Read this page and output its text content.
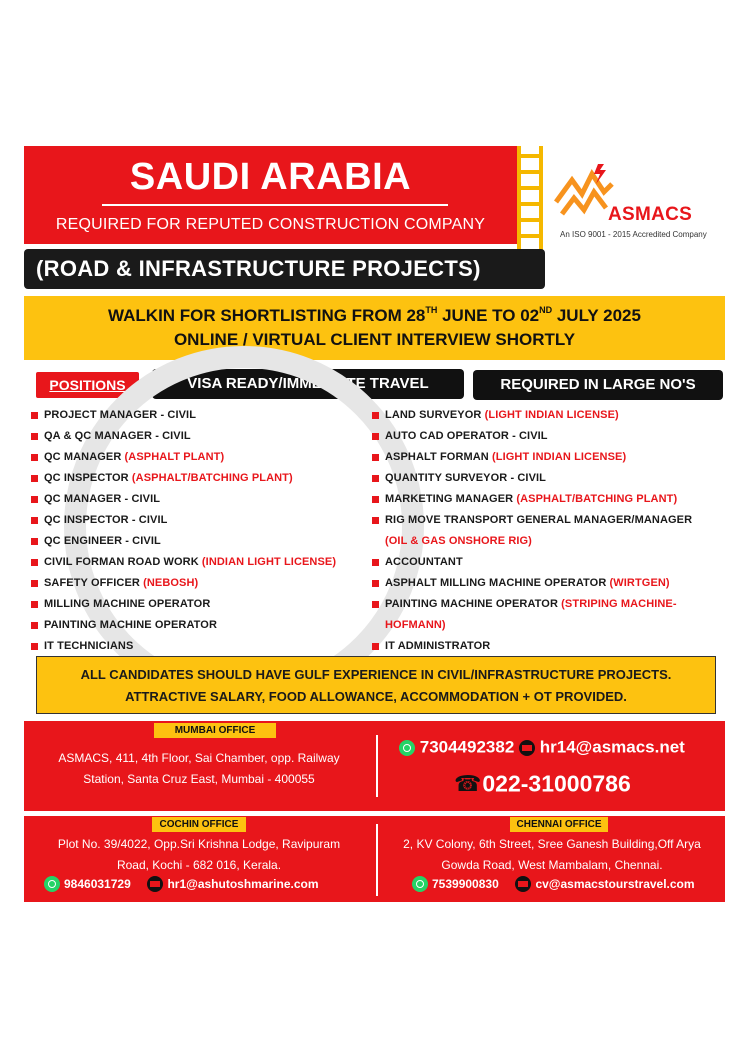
SAUDI ARABIA
REQUIRED FOR REPUTED CONSTRUCTION COMPANY	ASMACS
An ISO 9001 - 2015 Accredited Company
(ROAD & INFRASTRUCTURE PROJECTS)
WALKIN FOR SHORTLISTING FROM 28TH JUNE TO 02ND JULY 2025
ONLINE / VIRTUAL CLIENT INTERVIEW SHORTLY
POSITIONS	VISA READY/IMMEDIATE TRAVEL	REQUIRED IN LARGE NO'S
PROJECT MANAGER - CIVIL
QA & QC MANAGER - CIVIL
QC MANAGER (ASPHALT PLANT)
QC INSPECTOR (ASPHALT/BATCHING PLANT)
QC MANAGER - CIVIL
QC INSPECTOR - CIVIL
QC ENGINEER - CIVIL
CIVIL FORMAN ROAD WORK (INDIAN LIGHT LICENSE)
SAFETY OFFICER (NEBOSH)
MILLING MACHINE OPERATOR
PAINTING MACHINE OPERATOR
IT TECHNICIANS
LAND SURVEYOR (LIGHT INDIAN LICENSE)
AUTO CAD OPERATOR - CIVIL
ASPHALT FORMAN (LIGHT INDIAN LICENSE)
QUANTITY SURVEYOR - CIVIL
MARKETING MANAGER (ASPHALT/BATCHING PLANT)
RIG MOVE TRANSPORT GENERAL MANAGER/MANAGER
(OIL & GAS ONSHORE RIG)
ACCOUNTANT
ASPHALT MILLING MACHINE OPERATOR (WIRTGEN)
PAINTING MACHINE OPERATOR (STRIPING MACHINE-HOFMANN)
IT ADMINISTRATOR
ALL CANDIDATES SHOULD HAVE GULF EXPERIENCE IN CIVIL/INFRASTRUCTURE PROJECTS.
ATTRACTIVE SALARY, FOOD ALLOWANCE, ACCOMMODATION + OT PROVIDED.
MUMBAI OFFICE
ASMACS, 411, 4th Floor, Sai Chamber, opp. Railway
Station, Santa Cruz East, Mumbai - 400055
7304492382 hr14@asmacs.net
☎ 022-31000786
COCHIN OFFICE
Plot No. 39/4022, Opp.Sri Krishna Lodge, Ravipuram
Road, Kochi - 682 016, Kerala.
9846031729	hr1@ashutoshmarine.com
CHENNAI OFFICE
2, KV Colony, 6th Street, Sree Ganesh Building,Off Arya
Gowda Road, West Mambalam, Chennai.
7539900830	cv@asmacstourstravel.com
